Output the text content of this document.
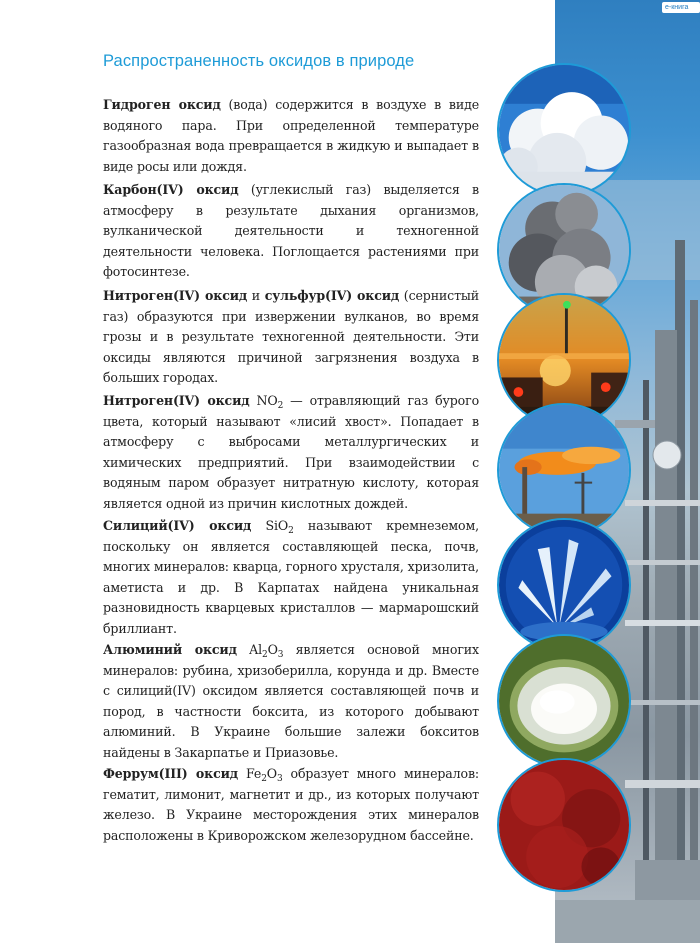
e-книга
Распространенность оксидов в природе
Гидроген оксид (вода) содержится в воздухе в виде водяного пара. При определенной температуре газообразная вода превращается в жидкую и выпадает в виде росы или дождя.
Карбон(IV) оксид (углекислый газ) выделяется в атмосферу в результате дыхания организмов, вулканической деятельности и техногенной деятельности человека. Поглощается растениями при фотосинтезе.
Нитроген(IV) оксид и сульфур(IV) оксид (сернистый газ) образуются при извержении вулканов, во время грозы и в результате техногенной деятельности. Эти оксиды являются причиной загрязнения воздуха в больших городах.
Нитроген(IV) оксид $NO_2$ — отравляющий газ бурого цвета, который называют «лисий хвост». Попадает в атмосферу с выбросами металлургических и химических предприятий. При взаимодействии с водяным паром образует нитратную кислоту, которая является одной из причин кислотных дождей.
Силиций(IV) оксид SiO$_2$ называют кремнеземом, поскольку он является составляющей песка, почв, многих минералов: кварца, горного хрусталя, хризолита, аметиста и др. В Карпатах найдена уникальная разновидность кварцевых кристаллов — мармарошский бриллиант.
Алюминий оксид $Al_2O_3$ является основой многих минералов: рубина, хризоберилла, корунда и др. Вместе с силиций(IV) оксидом является составляющей почв и пород, в частности боксита, из которого добывают алюминий. В Украине большие залежи бокситов найдены в Закарпатье и Приазовье.
Феррум(III) оксид $Fe_2O_3$ образует много минералов: гематит, лимонит, магнетит и др., из которых получают железо. В Украине месторождения этих минералов расположены в Криворожском железорудном бассейне.
